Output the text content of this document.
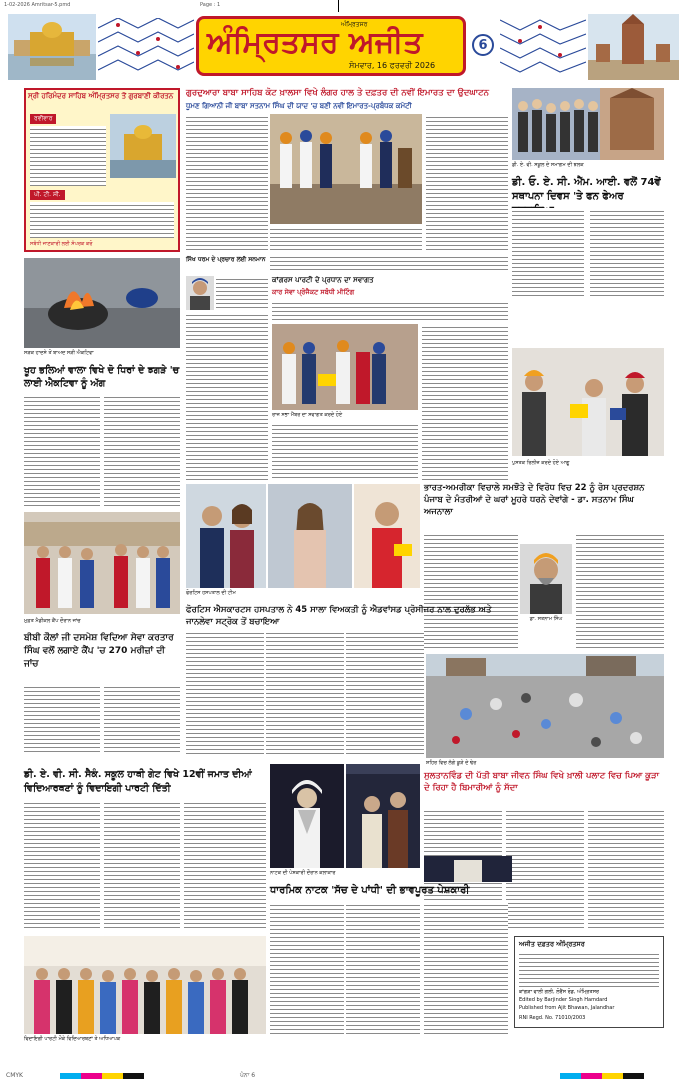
1-02-2026 Amritsar-5.pmd	Page : 1
ਅੰਮ੍ਰਿਤਸਰ
ਅੰਮ੍ਰਿਤਸਰ
ਅਜੀਤ
ਸੋਮਵਾਰ, 16 ਫਰਵਰੀ 2026
6
ਸ੍ਰੀ ਹਰਿਮੰਦਰ ਸਾਹਿਬ ਅੰਮ੍ਰਿਤਸਰ ਤੋਂ ਗੁਰਬਾਣੀ ਕੀਰਤਨ
ਰਵੀਵਾਰ
ਪੀ. ਟੀ. ਸੀ.
ਸਬੰਧੀ ਜਾਣਕਾਰੀ ਲਈ ਸੰਪਰਕ ਕਰੋ
ਗੁਰਦੁਆਰਾ ਬਾਬਾ ਸਾਹਿਬ ਕੋਟ ਖ਼ਾਲਸਾ ਵਿਖੇ ਲੰਗਰ ਹਾਲ ਤੇ ਦਫ਼ਤਰ ਦੀ ਨਵੀਂ ਇਮਾਰਤ ਦਾ ਉਦਘਾਟਨ
ਧੂਮਣ ਗਿਆਨੀ ਜੀ ਬਾਬਾ ਸਤਨਾਮ ਸਿੰਘ ਦੀ ਯਾਦ 'ਚ ਬਣੀ ਨਵੀਂ ਇਮਾਰਤ-ਪ੍ਰਬੰਧਕ ਕਮੇਟੀ
ਡੀ. ਏ. ਵੀ. ਸਕੂਲ ਦੇ ਸਮਾਗਮ ਦੀ ਝਲਕ
ਡੀ. ਓ. ਏ. ਸੀ. ਐੱਮ. ਆਈ. ਵਲੋਂ 74ਵੇਂ ਸਥਾਪਨਾ ਦਿਵਸ 'ਤੇ ਫਨ ਫੇਅਰ
ਸੜਕ ਹਾਦਸੇ ਤੋਂ ਬਾਅਦ ਸੜੀ ਐਕਟਿਵਾ
ਖੂਹ ਭਲਿਆਂ ਵਾਲਾ ਵਿਖੇ ਦੋ ਧਿਰਾਂ ਦੇ ਝਗੜੇ 'ਚ ਲਾਈ ਐਕਟਿਵਾ ਨੂੰ ਅੱਗ
ਸਿੱਖ ਧਰਮ ਦੇ ਪ੍ਰਚਾਰ ਲਈ ਸਨਮਾਨ
ਕਾਂਗਰਸ ਪਾਰਟੀ ਦੇ ਪ੍ਰਧਾਨ ਦਾ ਸਵਾਗਤ
ਕਾਰ ਸੇਵਾ ਪ੍ਰੋਜੈਕਟ ਸਬੰਧੀ ਮੀਟਿੰਗ
ਰਾਜ ਸਭਾ ਮੈਂਬਰ ਦਾ ਸਵਾਗਤ ਕਰਦੇ ਹੋਏ
ਪੁਸਤਕ ਰਿਲੀਜ਼ ਕਰਦੇ ਹੋਏ ਆਗੂ
ਭਾਰਤ-ਅਮਰੀਕਾ ਵਿਚਾਲੇ ਸਮਝੌਤੇ ਦੇ ਵਿਰੋਧ ਵਿਚ 22 ਨੂੰ ਰੋਸ ਪ੍ਰਦਰਸ਼ਨ ਪੰਜਾਬ ਦੇ ਮੰਤਰੀਆਂ ਦੇ ਘਰਾਂ ਮੂਹਰੇ ਧਰਨੇ ਦੇਵਾਂਗੇ - ਡਾ. ਸਤਨਾਮ ਸਿੰਘ ਅਜਨਾਲਾ
ਡਾ. ਸਤਨਾਮ ਸਿੰਘ
ਮੁਫ਼ਤ ਮੈਡੀਕਲ ਕੈਂਪ ਦੌਰਾਨ ਜਾਂਚ
ਬੀਬੀ ਕੌਲਾਂ ਜੀ ਦਸਮੇਸ਼ ਵਿਦਿਆ ਸੇਵਾ ਕਰਤਾਰ ਸਿੰਘ ਵਲੋਂ ਲਗਾਏ ਕੈਂਪ 'ਚ 270 ਮਰੀਜ਼ਾਂ ਦੀ ਜਾਂਚ
ਫੋਰਟਿਸ ਹਸਪਤਾਲ ਦੀ ਟੀਮ
ਫੋਰਟਿਸ ਐਸਕਾਰਟਸ ਹਸਪਤਾਲ ਨੇ 45 ਸਾਲਾ ਵਿਅਕਤੀ ਨੂੰ ਐਡਵਾਂਸਡ ਪ੍ਰੋਸੀਜਰ ਨਾਲ ਦੁਰਲੱਭ ਅਤੇ ਜਾਨਲੇਵਾ ਸਟ੍ਰੋਕ ਤੋਂ ਬਚਾਇਆ
ਸ਼ਹਿਰ ਵਿਚ ਲੱਗੇ ਕੂੜੇ ਦੇ ਢੇਰ
ਡੀ. ਏ. ਵੀ. ਸੀ. ਸੈਕੰ. ਸਕੂਲ ਹਾਥੀ ਗੇਟ ਵਿਖੇ 12ਵੀਂ ਜਮਾਤ ਦੀਆਂ ਵਿਦਿਆਰਥਣਾਂ ਨੂੰ ਵਿਦਾਇਗੀ ਪਾਰਟੀ ਦਿੱਤੀ
ਵਿਦਾਇਗੀ ਪਾਰਟੀ ਮੌਕੇ ਵਿਦਿਆਰਥਣਾਂ ਤੇ ਅਧਿਆਪਕ
ਨਾਟਕ ਦੀ ਪੇਸ਼ਕਾਰੀ ਦੌਰਾਨ ਕਲਾਕਾਰ
ਸੁਲਤਾਨਵਿੰਡ ਦੀ ਪੱਤੀ ਬਾਬਾ ਜੀਵਨ ਸਿੰਘ ਵਿਖੇ ਖ਼ਾਲੀ ਪਲਾਟ ਵਿਚ ਪਿਆ ਕੂੜਾ ਦੇ ਰਿਹਾ ਹੈ ਬਿਮਾਰੀਆਂ ਨੂੰ ਸੱਦਾ
ਧਾਰਮਿਕ ਨਾਟਕ 'ਸੱਚ ਦੇ ਪਾਂਧੀ' ਦੀ ਭਾਵਪੂਰਤ ਪੇਸ਼ਕਾਰੀ
ਅਜੀਤ ਦਫ਼ਤਰ ਅੰਮ੍ਰਿਤਸਰ
ਕਾਂਗੜਾ ਵਾਲੀ ਗਲੀ, ਲੋਰੈਂਸ ਰੋਡ, ਅੰਮ੍ਰਿਤਸਰ
Edited by Barjinder Singh Hamdard
Published from Ajit Bhawan, Jalandhar
RNI Regd. No. 71010/2003
CMYK	ਪੰਨਾ 6
